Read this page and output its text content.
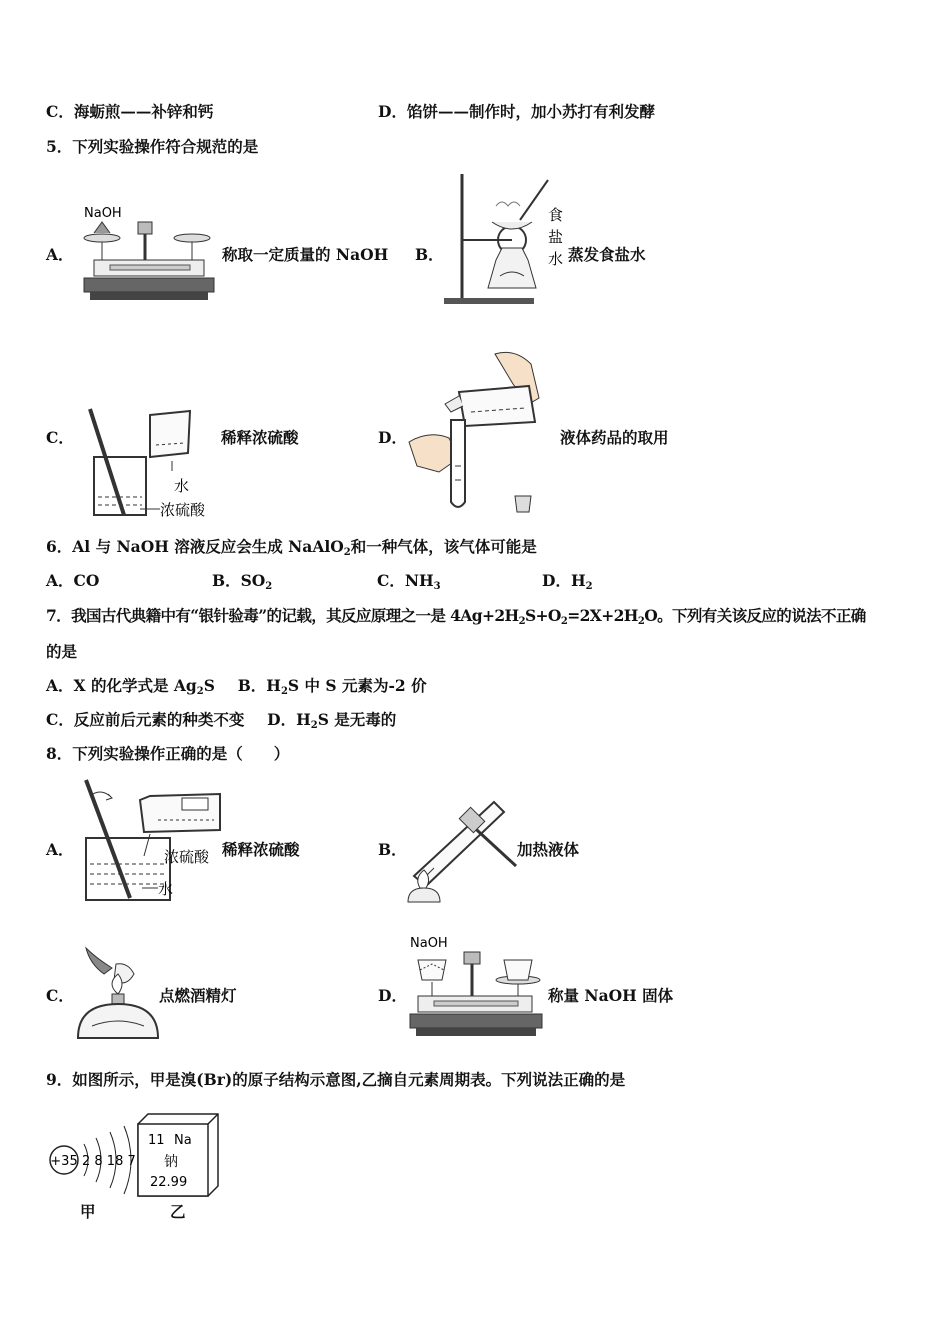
C．海蛎煎——补锌和钙	D．馅饼——制作时，加小苏打有利发酵
5．下列实验操作符合规范的是
A．
NaOH
称取一定质量的 NaOH B．
食
盐
水 蒸发食盐水
C．
水
浓硫酸
稀释浓硫酸	D．	液体药品的取用
6．Al 与 NaOH 溶液反应会生成 NaAlO$_2$和一种气体，该气体可能是
A．CO	B．$SO_2$	C．$NH_3$	D．$H_2$
7．我国古代典籍中有“银针验毒”的记载，其反应原理之一是 $4Ag+2H_2S+O_2=2X+2H_2O$。下列有关该反应的说法不正确
的是
A．X 的化学式是 $Ag_2S$ B．$H_2S$ 中 S 元素为-2 价
C．反应前后元素的种类不变 D．$H_2S$ 是无毒的
8．下列实验操作正确的是（　　）
A．	浓硫酸
水
稀释浓硫酸	B．	加热液体
C．	点燃酒精灯	D．
NaOH
称量 NaOH 固体
9．如图所示，甲是溴(Br)的原子结构示意图,乙摘自元素周期表。下列说法正确的是
+35 2 8 18 7
甲
11 Na
钠
22.99
乙
